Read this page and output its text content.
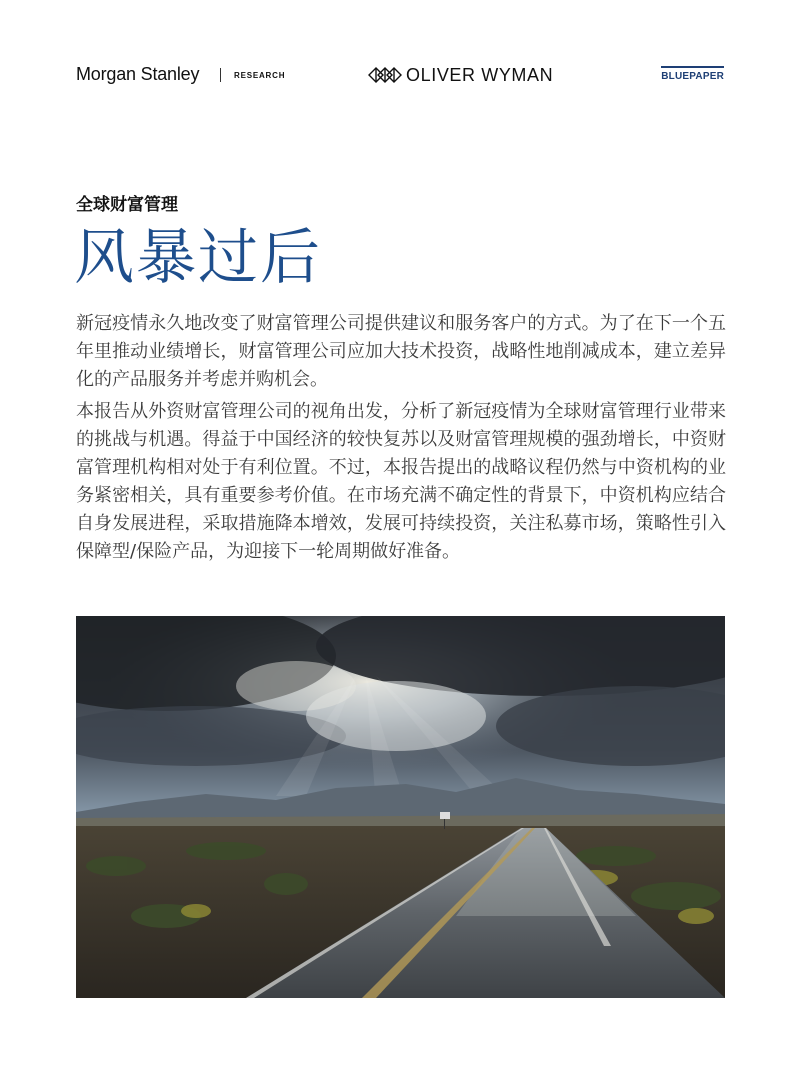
Morgan Stanley	RESEARCH	OLIVER WYMAN	BLUEPAPER
全球财富管理
风暴过后

新冠疫情永久地改变了财富管理公司提供建议和服务客户的方式。为了在下一个五年里推动业绩增长，财富管理公司应加大技术投资，战略性地削减成本，建立差异化的产品服务并考虑并购机会。

本报告从外资财富管理公司的视角出发，分析了新冠疫情为全球财富管理行业带来的挑战与机遇。得益于中国经济的较快复苏以及财富管理规模的强劲增长，中资财富管理机构相对处于有利位置。不过，本报告提出的战略议程仍然与中资机构的业务紧密相关，具有重要参考价值。在市场充满不确定性的背景下，中资机构应结合自身发展进程，采取措施降本增效，发展可持续投资，关注私募市场，策略性引入保障型/保险产品，为迎接下一轮周期做好准备。
